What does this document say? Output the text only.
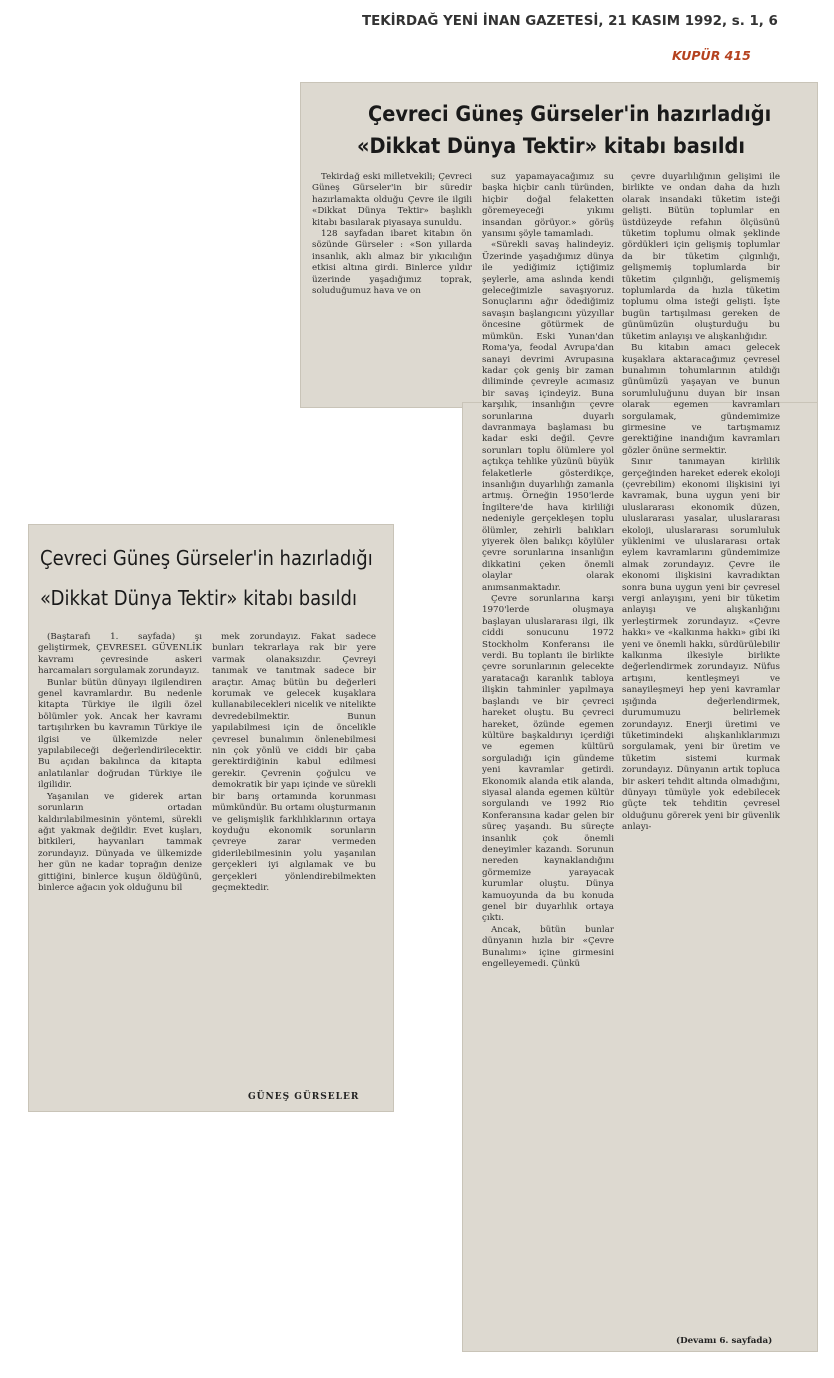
TEKİRDAĞ YENİ İNAN GAZETESİ, 21 KASIM 1992, s. 1, 6
KUPÜR 415
Çevreci Güneş Gürseler'in hazırladığı
«Dikkat Dünya Tektir» kitabı basıldı

Tekirdağ eski milletvekili; Çevreci Güneş Gürseler'in bir süredir hazırlamakta olduğu Çevre ile ilgili «Dikkat Dünya Tektir» başlıklı kitabı basılarak piyasaya sunuldu.

128 sayfadan ibaret kitabın ön sözünde Gürseler : «Son yıllarda insanlık, aklı almaz bir yıkıcılığın etkisi altına girdi. Binlerce yıldır üzerinde yaşadığımız toprak, soluduğumuz hava ve on

suz yapamayacağımız su başka hiçbir canlı türünden, hiçbir doğal felaketten göremeyeceği yıkımı insandan görüyor.» görüş yansımı şöyle tamamladı.

«Sürekli savaş halindeyiz. Üzerinde yaşadığımız dünya ile yediğimiz içtiğimiz şeylerle, ama aslında kendi geleceğimizle savaşıyoruz. Sonuçlarını ağır ödediğimiz savaşın başlangıcını yüzyıllar öncesine götürmek de mümkün. Eski Yunan'dan Roma'ya, feodal Avrupa'dan sanayi devrimi Avrupasına kadar çok geniş bir zaman diliminde çevreyle acımasız bir savaş içindeyiz. Buna karşılık, insanlığın çevre sorunlarına duyarlı davranmaya başlaması bu kadar eski değil. Çevre sorunları toplu ölümlere yol açtıkça tehlike yüzünü büyük felaketlerle gösterdikçe, insanlığın duyarlılığı zamanla artmış. Örneğin 1950'lerde İngiltere'de hava kirliliği nedeniyle gerçekleşen toplu ölümler, zehirli balıkları yiyerek ölen balıkçı köylüler çevre sorunlarına insanlığın dikkatini çeken önemli olaylar olarak anımsanmaktadır.

Çevre sorunlarına karşı 1970'lerde oluşmaya başlayan uluslararası ilgi, ilk ciddi sonucunu 1972 Stockholm Konferansı ile verdi. Bu toplantı ile birlikte çevre sorunlarının gelecekte yaratacağı karanlık tabloya ilişkin tahminler yapılmaya başlandı ve bir çevreci hareket oluştu. Bu çevreci hareket, özünde egemen kültüre başkaldırıyı içerdiği ve egemen kültürü sorguladığı için gündeme yeni kavramlar getirdi. Ekonomik alanda etik alanda, siyasal alanda egemen kültür sorgulandı ve 1992 Rio Konferansına kadar gelen bir süreç yaşandı. Bu süreçte insanlık çok önemli deneyimler kazandı. Sorunun nereden kaynaklandığını görmemize yarayacak kurumlar oluştu. Dünya kamuoyunda da bu konuda genel bir duyarlılık ortaya çıktı.

Ancak, bütün bunlar dünyanın hızla bir «Çevre Bunalımı» içine girmesini engelleyemedi. Çünkü

çevre duyarlılığının gelişimi ile birlikte ve ondan daha da hızlı olarak insandaki tüketim isteği gelişti. Bütün toplumlar en üstdüzeyde refahın ölçüsünü tüketim toplumu olmak şeklinde gördükleri için gelişmiş toplumlar da bir tüketim çılgınlığı, gelişmemiş toplumlarda bir tüketim çılgınlığı, gelişmemiş toplumlarda da hızla tüketim toplumu olma isteği gelişti. İşte bugün tartışılması gereken de günümüzün oluşturduğu bu tüketim anlayışı ve alışkanlığıdır.

Bu kitabın amacı gelecek kuşaklara aktaracağımız çevresel bunalımın tohumlarının atıldığı günümüzü yaşayan ve bunun sorumluluğunu duyan bir insan olarak egemen kavramları sorgulamak, gündemimize girmesine ve tartışmamız gerektiğine inandığım kavramları gözler önüne sermektir.

Sınır tanımayan kirlilik gerçeğinden hareket ederek ekoloji (çevrebilim) ekonomi ilişkisini iyi kavramak, buna uygun yeni bir uluslararası ekonomik düzen, uluslararası yasalar, uluslararası ekoloji, uluslararası sorumluluk yüklenimi ve uluslararası ortak eylem kavramlarını gündemimize almak zorundayız. Çevre ile ekonomi ilişkisini kavradıktan sonra buna uygun yeni bir çevresel vergi anlayışını, yeni bir tüketim anlayışı ve alışkanlığını yerleştirmek zorundayız. «Çevre hakkı» ve «kalkınma hakkı» gibi iki yeni ve önemli hakkı, sürdürülebilir kalkınma ilkesiyle birlikte değerlendirmek zorundayız. Nüfus artışını, kentleşmeyi ve sanayileşmeyi hep yeni kavramlar ışığında değerlendirmek, durumumuzu belirlemek zorundayız. Enerji üretimi ve tüketimindeki alışkanlıklarımızı sorgulamak, yeni bir üretim ve tüketim sistemi kurmak zorundayız. Dünyanın artık topluca bir askeri tehdit altında olmadığını, dünyayı tümüyle yok edebilecek güçte tek tehditin çevresel olduğunu görerek yeni bir güvenlik anlayı-

(Devamı 6. sayfada)
Çevreci Güneş Gürseler'in hazırladığı
«Dikkat Dünya Tektir» kitabı basıldı

(Baştarafı 1. sayfada) şı geliştirmek, ÇEVRESEL GÜVENLİK kavramı çevresinde askeri harcamaları sorgulamak zorundayız.

Bunlar bütün dünyayı ilgilendiren genel kavramlardır. Bu nedenle kitapta Türkiye ile ilgili özel bölümler yok. Ancak her kavramı tartışılırken bu kavramın Türkiye ile ilgisi ve ülkemizde neler yapılabileceği değerlendirilecektir. Bu açıdan bakılınca da kitapta anlatılanlar doğrudan Türkiye ile ilgilidir.

Yaşanılan ve giderek artan sorunların ortadan kaldırılabilmesinin yöntemi, sürekli ağıt yakmak değildir. Evet kuşları, bitkileri, hayvanları tammak zorundayız. Dünyada ve ülkemizde her gün ne kadar toprağın denize gittiğini, binlerce kuşun öldüğünü, binlerce ağacın yok olduğunu bil

mek zorundayız. Fakat sadece bunları tekrarlaya rak bir yere varmak olanaksızdır. Çevreyi tanımak ve tanıtmak sadece bir araçtır. Amaç bütün bu değerleri korumak ve gelecek kuşaklara kullanabilecekleri nicelik ve nitelikte devredebilmektir. Bunun yapılabilmesi için de öncelikle çevresel bunalımın önlenebilmesi nin çok yönlü ve ciddi bir çaba gerektirdiğinin kabul edilmesi gerekir. Çevrenin çoğulcu ve demokratik bir yapı içinde ve sürekli bir barış ortamında korunması mümkündür. Bu ortamı oluşturmanın ve gelişmişlik farklılıklarının ortaya koyduğu ekonomik sorunların çevreye zarar vermeden giderilebilmesinin yolu yaşanılan gerçekleri iyi algılamak ve bu gerçekleri yönlendirebilmekten geçmektedir.

GÜNEŞ GÜRSELER
